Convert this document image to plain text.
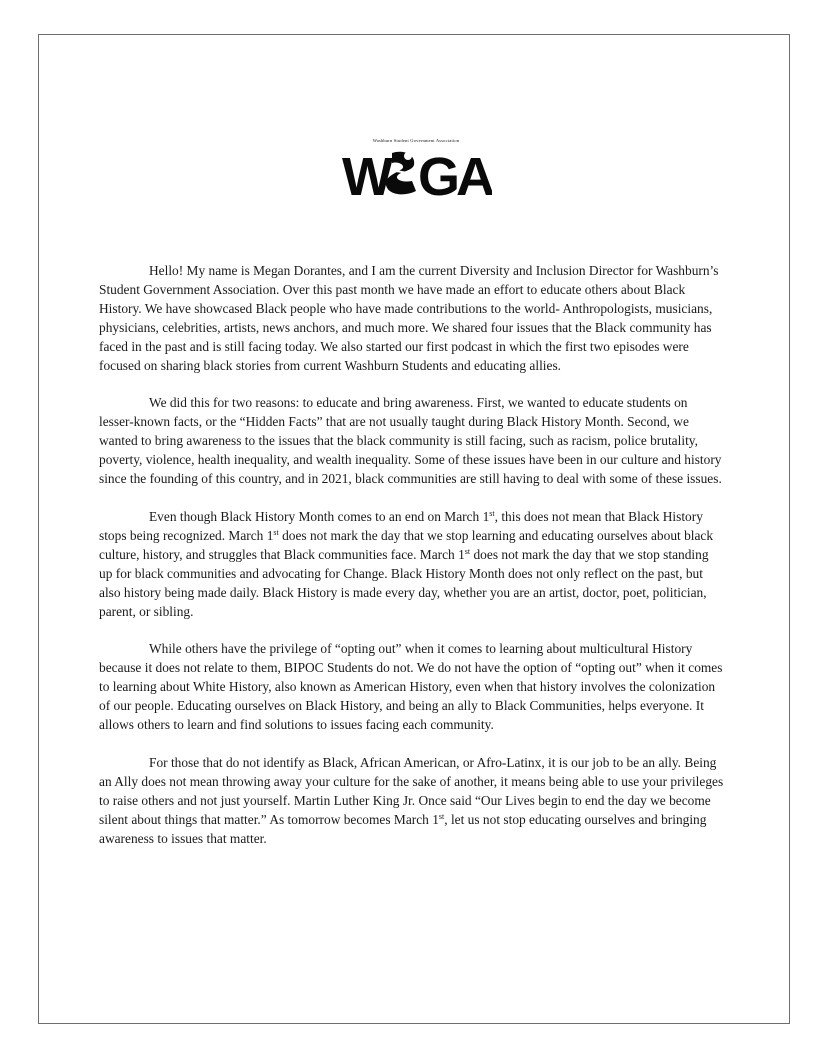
Washburn Student Government Association
W GA

Hello! My name is Megan Dorantes, and I am the current Diversity and Inclusion Director for Washburn’s Student Government Association. Over this past month we have made an effort to educate others about Black History. We have showcased Black people who have made contributions to the world- Anthropologists, musicians, physicians, celebrities, artists, news anchors, and much more. We shared four issues that the Black community has faced in the past and is still facing today. We also started our first podcast in which the first two episodes were focused on sharing black stories from current Washburn Students and educating allies.

We did this for two reasons: to educate and bring awareness. First, we wanted to educate students on lesser-known facts, or the “Hidden Facts” that are not usually taught during Black History Month. Second, we wanted to bring awareness to the issues that the black community is still facing, such as racism, police brutality, poverty, violence, health inequality, and wealth inequality. Some of these issues have been in our culture and history since the founding of this country, and in 2021, black communities are still having to deal with some of these issues.

Even though Black History Month comes to an end on March 1st, this does not mean that Black History stops being recognized. March 1st does not mark the day that we stop learning and educating ourselves about black culture, history, and struggles that Black communities face. March 1st does not mark the day that we stop standing up for black communities and advocating for Change. Black History Month does not only reflect on the past, but also history being made daily. Black History is made every day, whether you are an artist, doctor, poet, politician, parent, or sibling.

While others have the privilege of “opting out” when it comes to learning about multicultural History because it does not relate to them, BIPOC Students do not. We do not have the option of “opting out” when it comes to learning about White History, also known as American History, even when that history involves the colonization of our people. Educating ourselves on Black History, and being an ally to Black Communities, helps everyone. It allows others to learn and find solutions to issues facing each community.

For those that do not identify as Black, African American, or Afro-Latinx, it is our job to be an ally. Being an Ally does not mean throwing away your culture for the sake of another, it means being able to use your privileges to raise others and not just yourself. Martin Luther King Jr. Once said “Our Lives begin to end the day we become silent about things that matter.” As tomorrow becomes March 1st, let us not stop educating ourselves and bringing awareness to issues that matter.
